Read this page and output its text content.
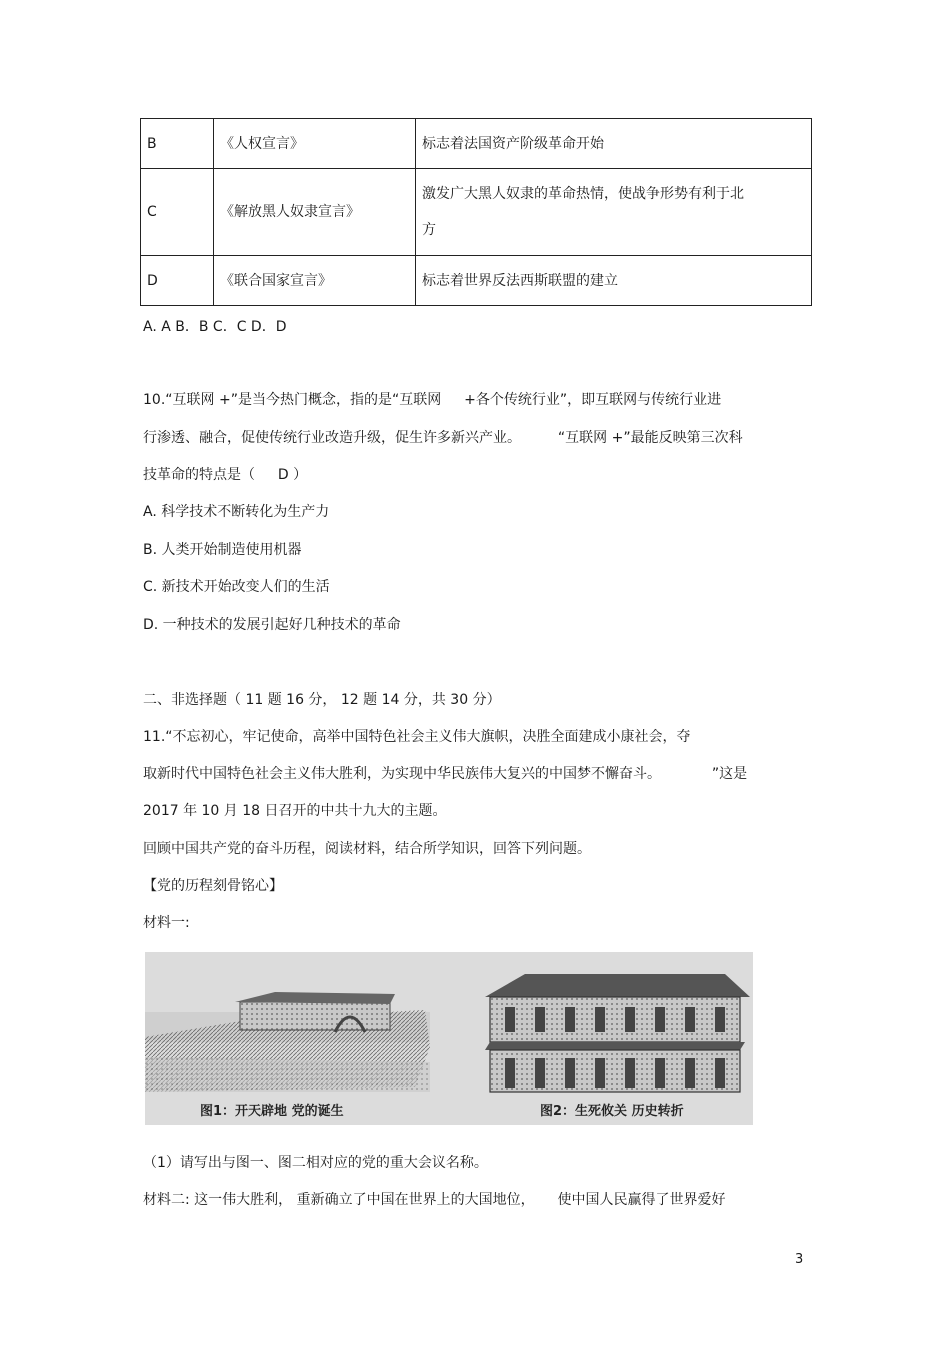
B	《人权宣言》	标志着法国资产阶级革命开始
C	《解放黑人奴隶宣言》	激发广大黑人奴隶的革命热情，使战争形势有利于北
方

D	《联合国家宣言》	标志着世界反法西斯联盟的建立
A. A B．B C．C D．D
10.“互联网 +”是当今热门概念，指的是“互联网 　 +各个传统行业”，即互联网与传统行业进
行渗透、融合，促使传统行业改造升级，促生许多新兴产业。 　　 “互联网 +”最能反映第三次科
技革命的特点是（ 　 D ）
A. 科学技术不断转化为生产力
B. 人类开始制造使用机器
C. 新技术开始改变人们的生活
D. 一种技术的发展引起好几种技术的革命
二、非选择题（ 11 题 16 分， 12 题 14 分，共 30 分）
11.“不忘初心，牢记使命，高举中国特色社会主义伟大旗帜，决胜全面建成小康社会，夺
取新时代中国特色社会主义伟大胜利，为实现中华民族伟大复兴的中国梦不懈奋斗。 　　　 ”这是
2017 年 10 月 18 日召开的中共十九大的主题。
回顾中国共产党的奋斗历程，阅读材料，结合所学知识，回答下列问题。
【党的历程刻骨铭心】
材料一:
图1：开天辟地 党的诞生	图2：生死攸关 历史转折
（1）请写出与图一、图二相对应的党的重大会议名称。
材料二: 这一伟大胜利， 重新确立了中国在世界上的大国地位， 　 使中国人民赢得了世界爱好
3
